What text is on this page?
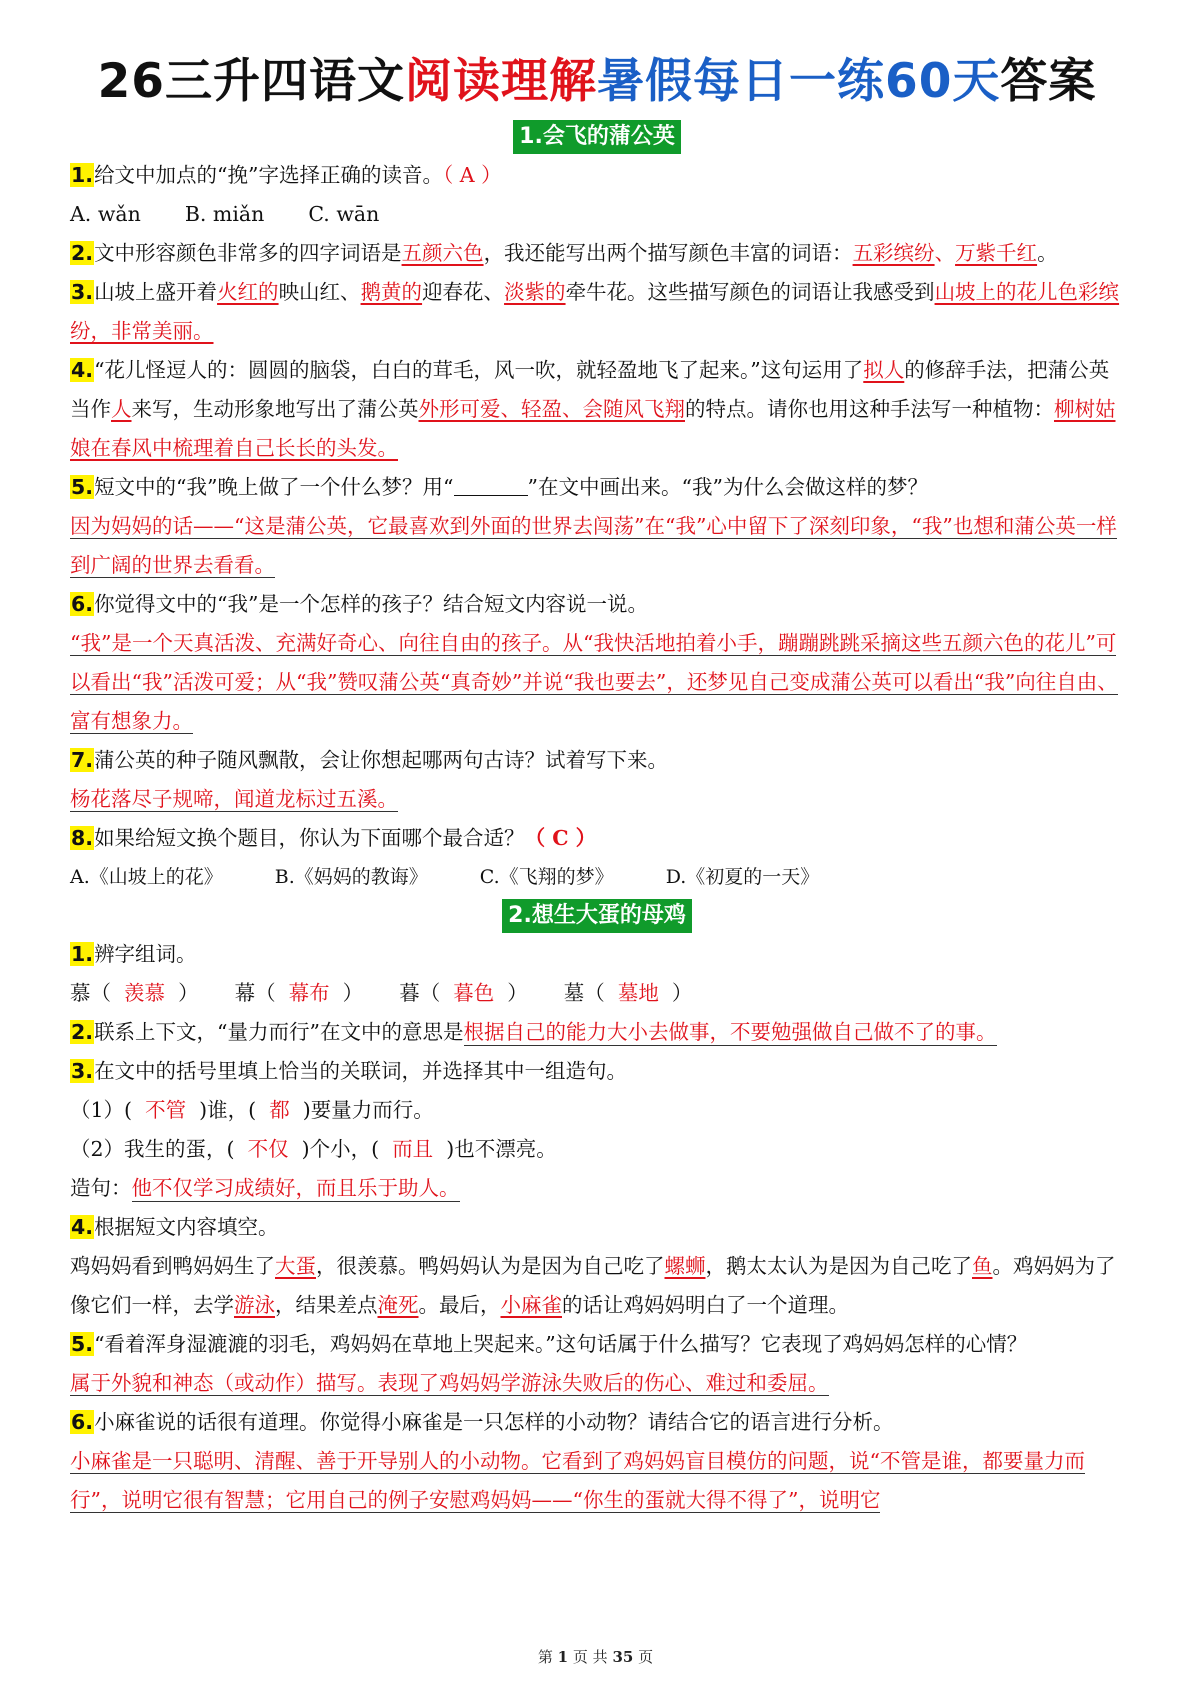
26三升四语文阅读理解暑假每日一练60天答案
1.会飞的蒲公英
1.给文中加点的“挽”字选择正确的读音。（ A ）
A. wǎn B. miǎn C. wān
2.文中形容颜色非常多的四字词语是五颜六色，我还能写出两个描写颜色丰富的词语：五彩缤纷、万紫千红。
3.山坡上盛开着火红的映山红、鹅黄的迎春花、淡紫的牵牛花。这些描写颜色的词语让我感受到山坡上的花儿色彩缤纷，非常美丽。
4.“花儿怪逗人的：圆圆的脑袋，白白的茸毛，风一吹，就轻盈地飞了起来。”这句运用了拟人的修辞手法，把蒲公英当作人来写，生动形象地写出了蒲公英外形可爱、轻盈、会随风飞翔的特点。请你也用这种手法写一种植物：柳树姑娘在春风中梳理着自己长长的头发。
5.短文中的“我”晚上做了一个什么梦？用“	”在文中画出来。“我”为什么会做这样的梦？
因为妈妈的话——“这是蒲公英，它最喜欢到外面的世界去闯荡”在“我”心中留下了深刻印象，“我”也想和蒲公英一样到广阔的世界去看看。
6.你觉得文中的“我”是一个怎样的孩子？结合短文内容说一说。
“我”是一个天真活泼、充满好奇心、向往自由的孩子。从“我快活地拍着小手，蹦蹦跳跳采摘这些五颜六色的花儿”可以看出“我”活泼可爱；从“我”赞叹蒲公英“真奇妙”并说“我也要去”，还梦见自己变成蒲公英可以看出“我”向往自由、富有想象力。
7.蒲公英的种子随风飘散，会让你想起哪两句古诗？试着写下来。
杨花落尽子规啼，闻道龙标过五溪。
8.如果给短文换个题目，你认为下面哪个最合适？（ C ）
A.《山坡上的花》	B.《妈妈的教诲》	C.《飞翔的梦》	D.《初夏的一天》
2.想生大蛋的母鸡
1.辨字组词。
慕（  羡慕  ） 幕（  幕布  ） 暮（  暮色  ） 墓（  墓地  ）
2.联系上下文，“量力而行”在文中的意思是根据自己的能力大小去做事，不要勉强做自己做不了的事。
3.在文中的括号里填上恰当的关联词，并选择其中一组造句。
（1）( 不管 )谁，( 都 )要量力而行。
（2）我生的蛋，( 不仅 )个小，( 而且 )也不漂亮。
造句：他不仅学习成绩好，而且乐于助人。
4.根据短文内容填空。
鸡妈妈看到鸭妈妈生了大蛋，很羡慕。鸭妈妈认为是因为自己吃了螺蛳，鹅太太认为是因为自己吃了鱼。鸡妈妈为了像它们一样，去学游泳，结果差点淹死。最后，小麻雀的话让鸡妈妈明白了一个道理。
5.“看着浑身湿漉漉的羽毛，鸡妈妈在草地上哭起来。”这句话属于什么描写？它表现了鸡妈妈怎样的心情？
属于外貌和神态（或动作）描写。表现了鸡妈妈学游泳失败后的伤心、难过和委屈。
6.小麻雀说的话很有道理。你觉得小麻雀是一只怎样的小动物？请结合它的语言进行分析。
小麻雀是一只聪明、清醒、善于开导别人的小动物。它看到了鸡妈妈盲目模仿的问题，说“不管是谁，都要量力而行”，说明它很有智慧；它用自己的例子安慰鸡妈妈——“你生的蛋就大得不得了”，说明它
第 1 页 共 35 页
